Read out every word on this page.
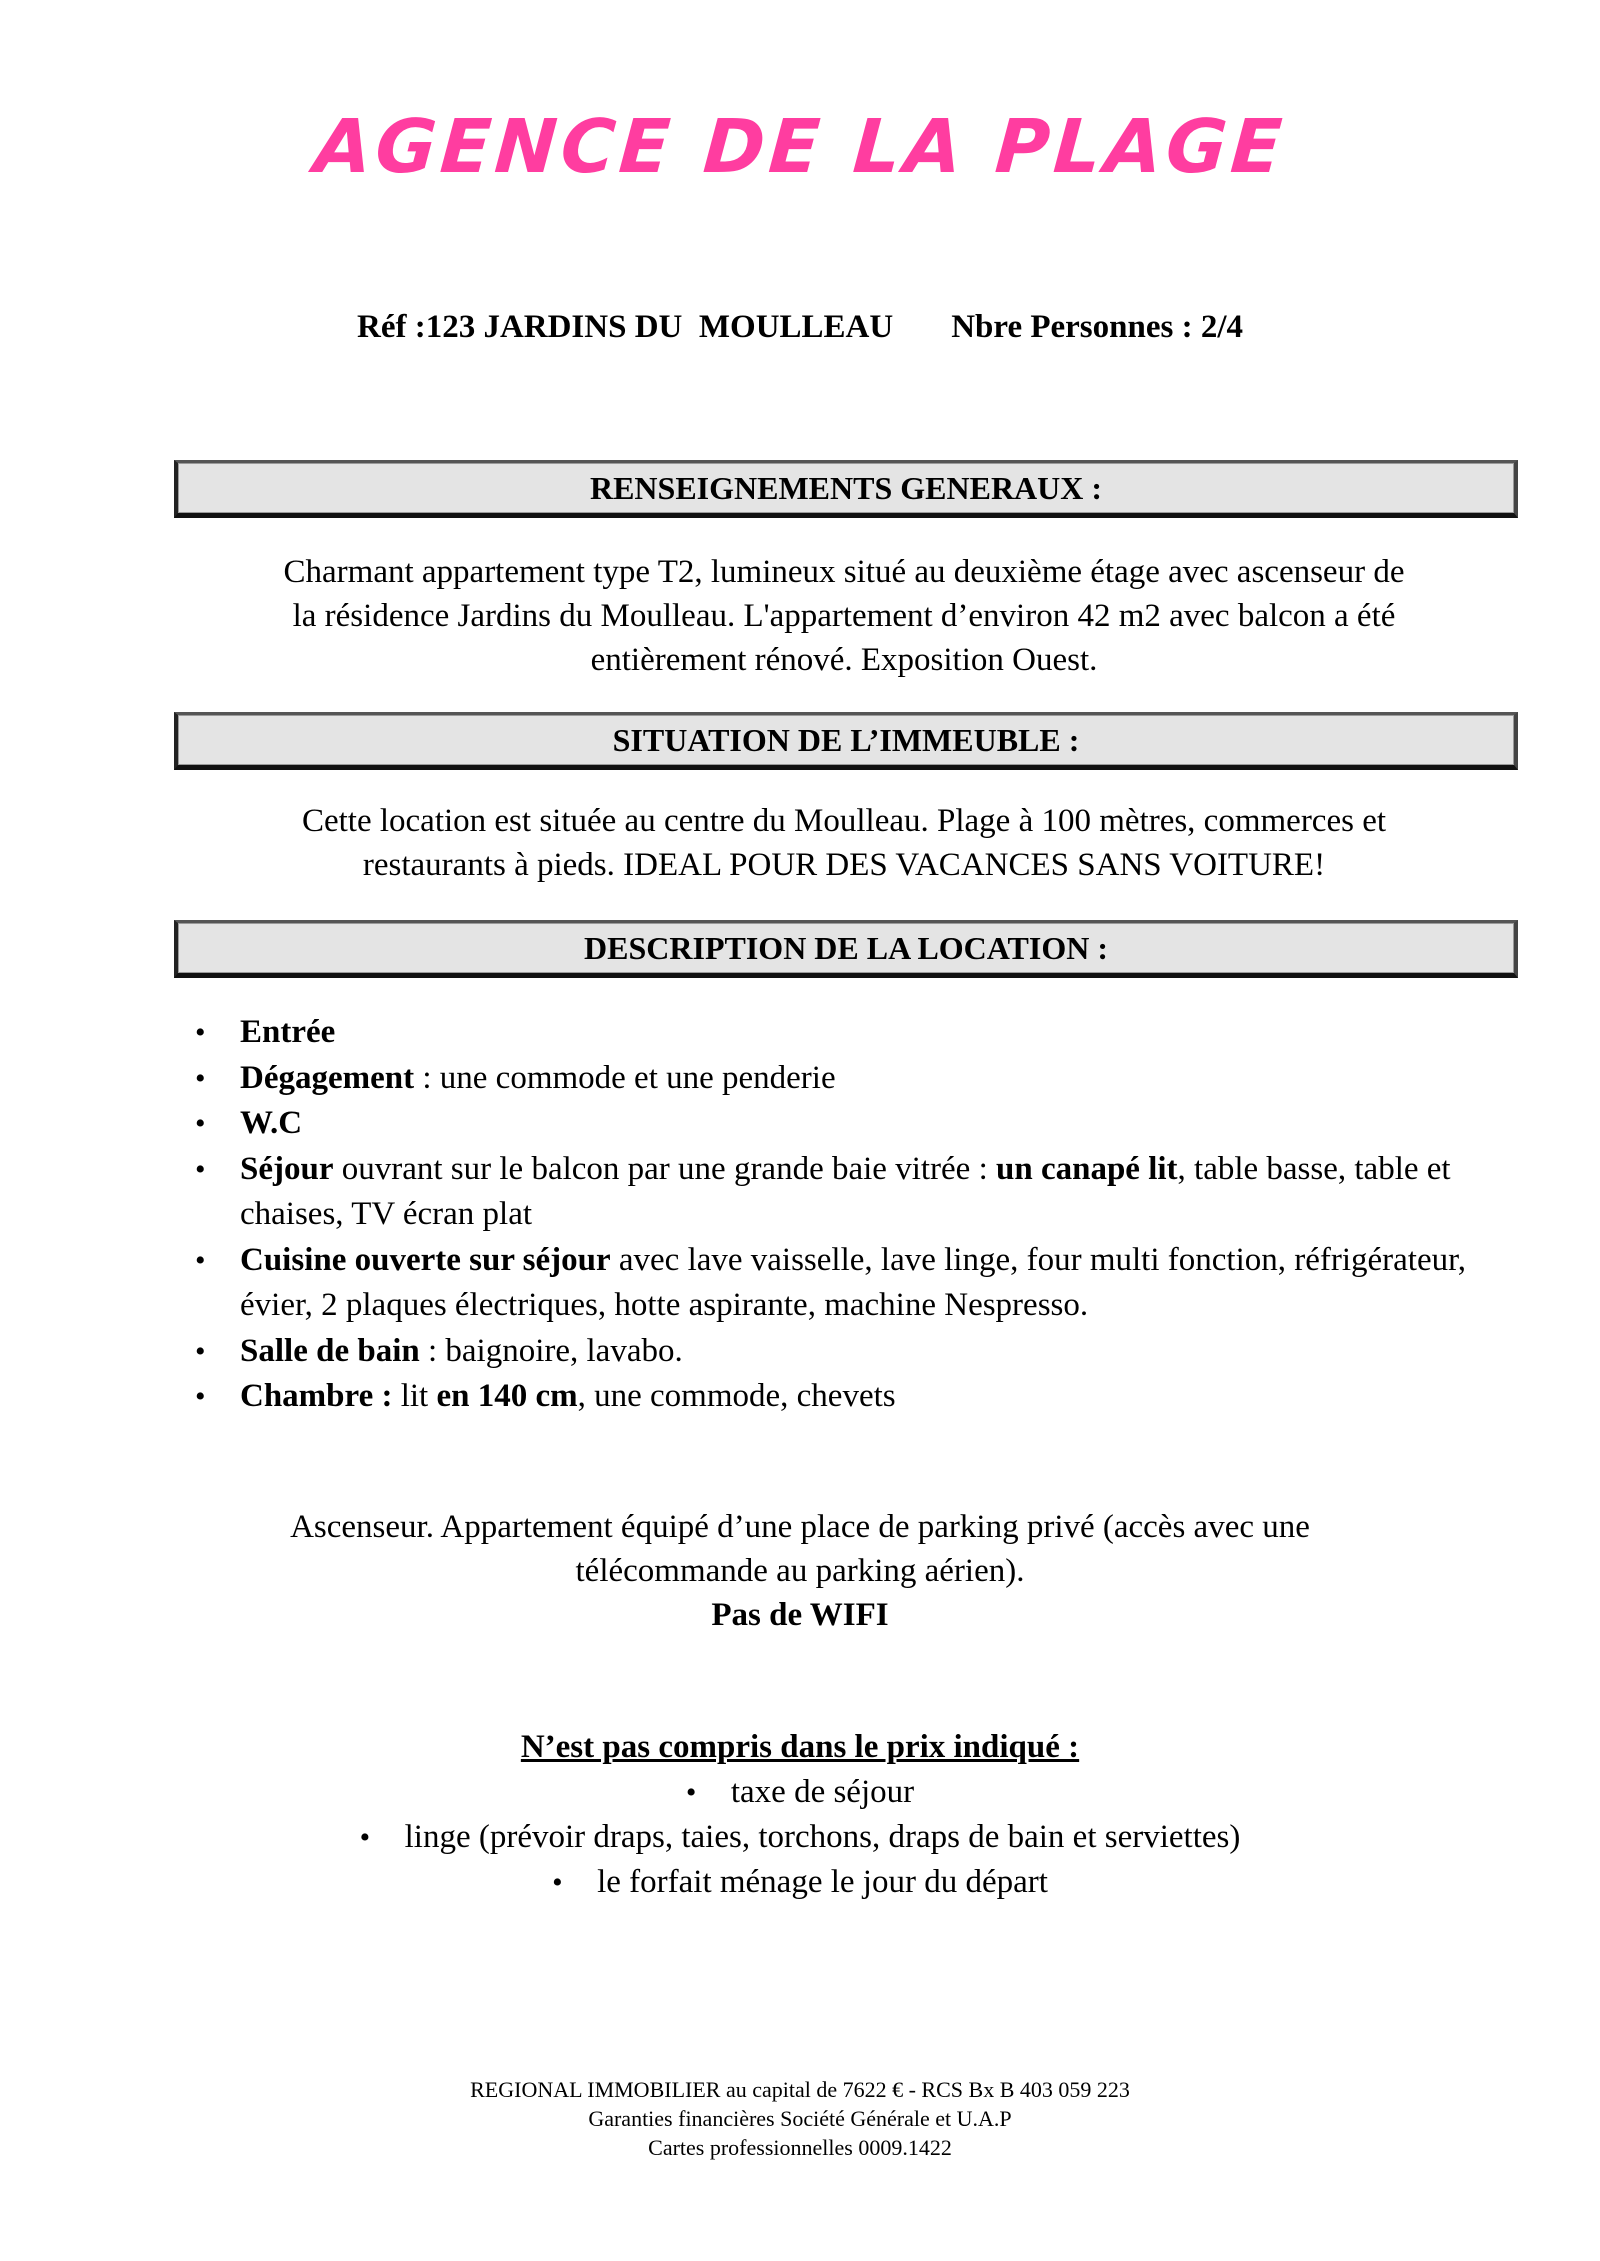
AGENCE DE LA PLAGE
Réf :123 JARDINS DU  MOULLEAU Nbre Personnes : 2/4
RENSEIGNEMENTS GENERAUX :
Charmant appartement type T2, lumineux situé au deuxième étage avec ascenseur de
la résidence Jardins du Moulleau. L'appartement d’environ 42 m2 avec balcon a été
entièrement rénové. Exposition Ouest.
SITUATION DE L’IMMEUBLE :
Cette location est située au centre du Moulleau. Plage à 100 mètres, commerces et
restaurants à pieds. IDEAL POUR DES VACANCES SANS VOITURE!
DESCRIPTION DE LA LOCATION :
• Entrée
• Dégagement : une commode et une penderie
• W.C
• Séjour ouvrant sur le balcon par une grande baie vitrée : un canapé lit, table basse, table et chaises, TV écran plat
• Cuisine ouverte sur séjour avec lave vaisselle, lave linge, four multi fonction, réfrigérateur, évier, 2 plaques électriques, hotte aspirante, machine Nespresso.
• Salle de bain : baignoire, lavabo.
• Chambre : lit en 140 cm, une commode, chevets
Ascenseur. Appartement équipé d’une place de parking privé (accès avec une
télécommande au parking aérien).
Pas de WIFI
N’est pas compris dans le prix indiqué :
• taxe de séjour
• linge (prévoir draps, taies, torchons, draps de bain et serviettes)
• le forfait ménage le jour du départ
REGIONAL IMMOBILIER au capital de 7622 € - RCS Bx B 403 059 223
Garanties financières Société Générale et U.A.P
Cartes professionnelles 0009.1422
